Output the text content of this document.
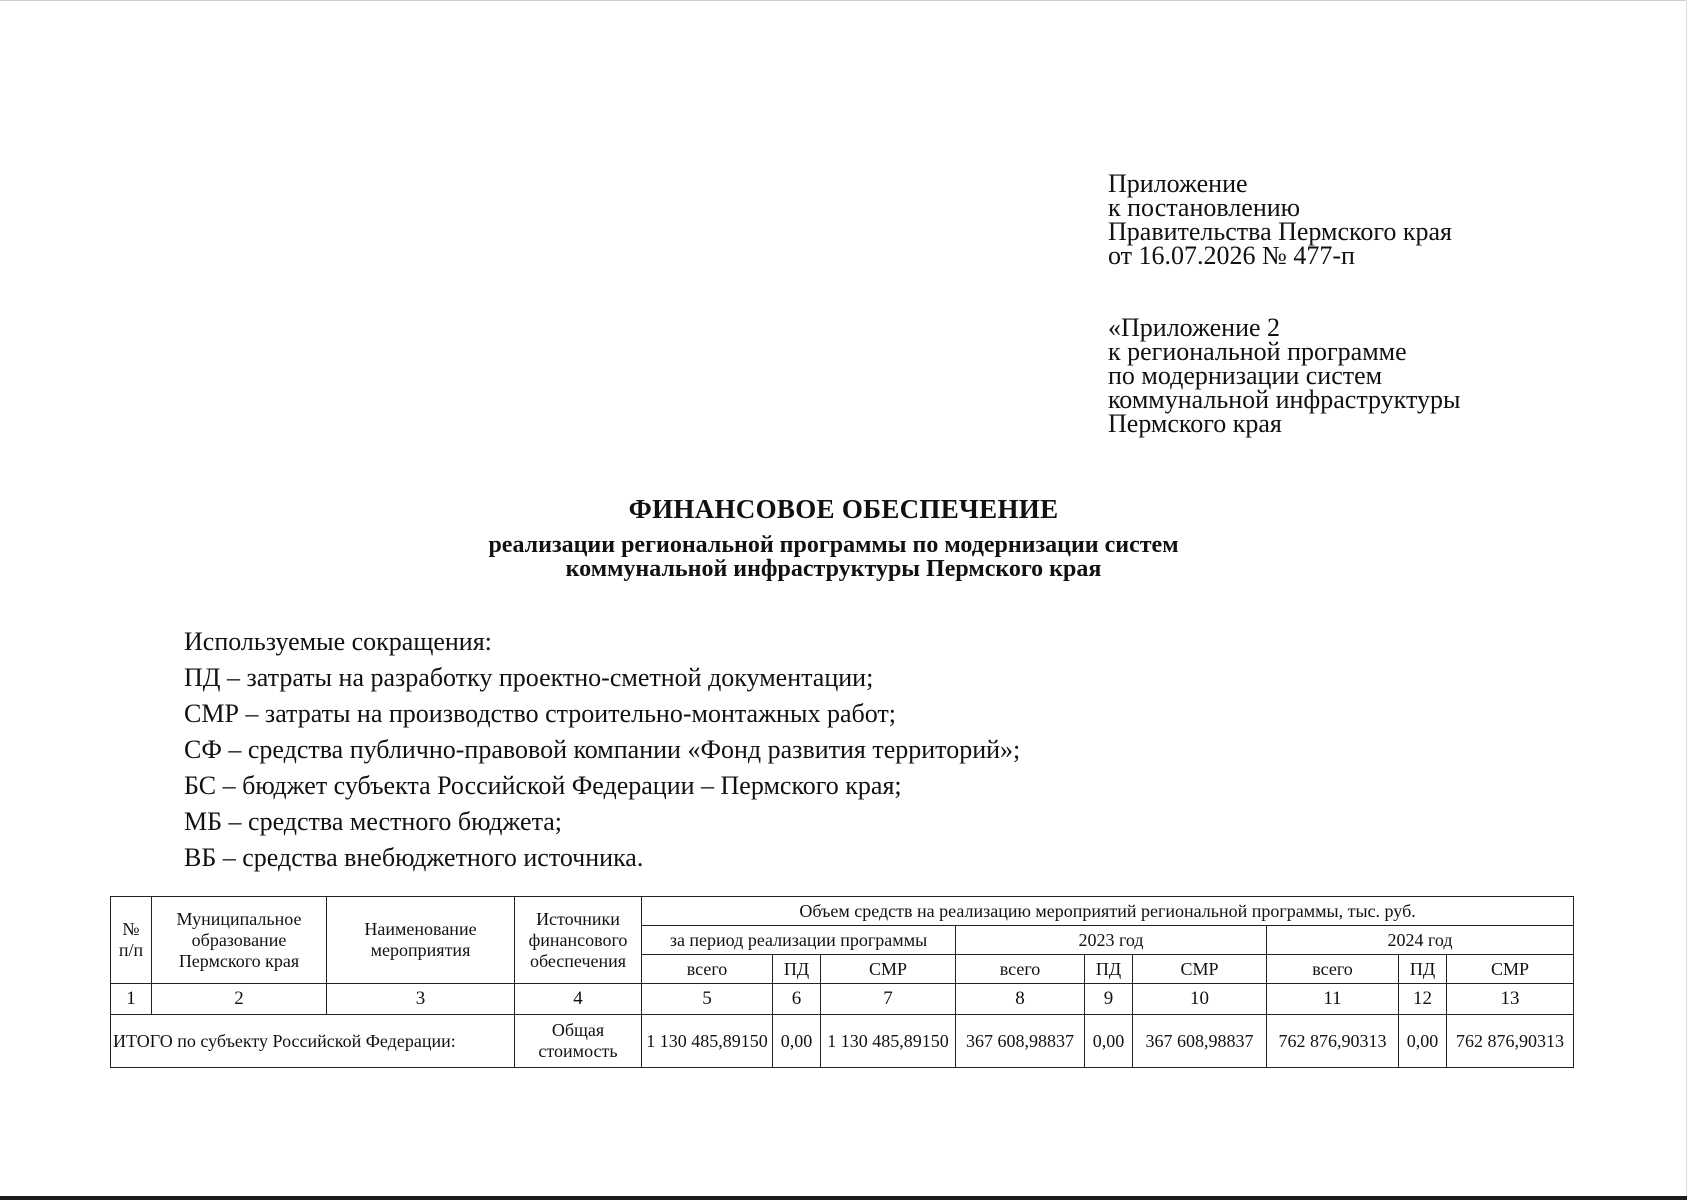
Приложение
к постановлению
Правительства Пермского края
от 16.07.2026 № 477-п
«Приложение 2
к региональной программе
по модернизации систем
коммунальной инфраструктуры
Пермского края
ФИНАНСОВОЕ ОБЕСПЕЧЕНИЕ
реализации региональной программы по модернизации систем
коммунальной инфраструктуры Пермского края
Используемые сокращения:
ПД – затраты на разработку проектно-сметной документации;
СМР – затраты на производство строительно-монтажных работ;
СФ – средства публично-правовой компании «Фонд развития территорий»;
БС – бюджет субъекта Российской Федерации – Пермского края;
МБ – средства местного бюджета;
ВБ – средства внебюджетного источника.
№ п/п	Муниципальное образование Пермского края	Наименование мероприятия	Источники финансового обеспечения	Объем средств на реализацию мероприятий региональной программы, тыс. руб.								
				за период реализации программы			2023 год			2024 год		
				всего	ПД	СМР	всего	ПД	СМР	всего	ПД	СМР
1	2	3	4	5	6	7	8	9	10	11	12	13
ИТОГО по субъекту Российской Федерации:			Общая стоимость	1 130 485,89150	0,00	1 130 485,89150	367 608,98837	0,00	367 608,98837	762 876,90313	0,00	762 876,90313
